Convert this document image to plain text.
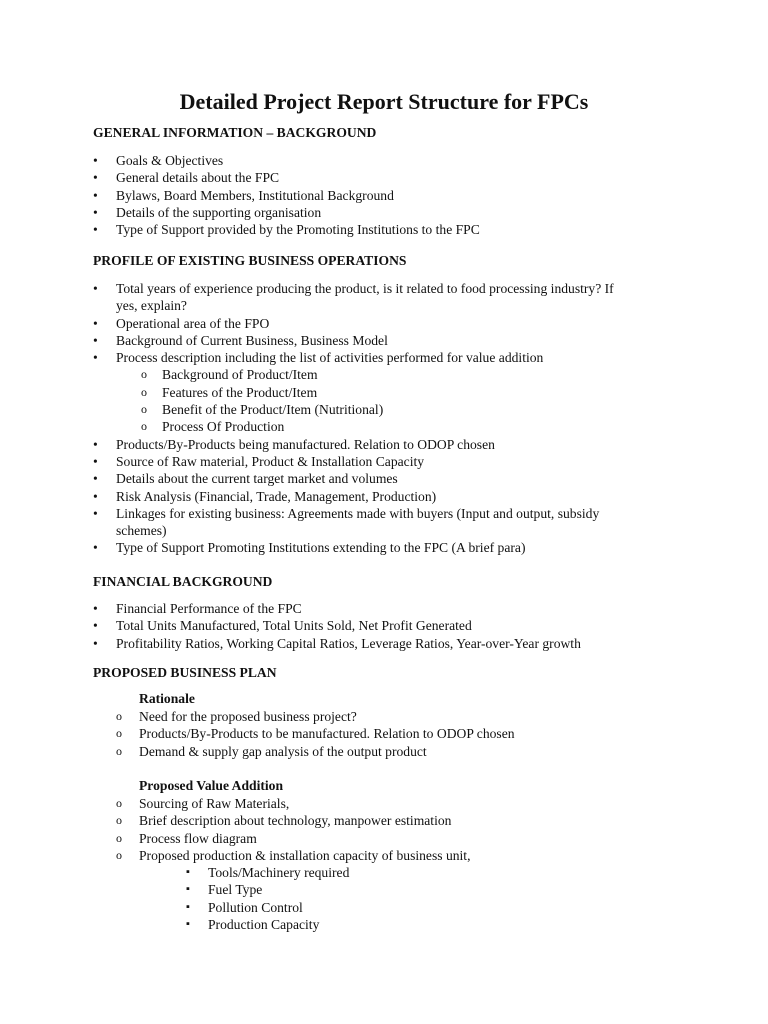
Detailed Project Report Structure for FPCs
GENERAL INFORMATION – BACKGROUND
• Goals & Objectives
• General details about the FPC
• Bylaws, Board Members, Institutional Background
• Details of the supporting organisation
• Type of Support provided by the Promoting Institutions to the FPC
PROFILE OF EXISTING BUSINESS OPERATIONS
• Total years of experience producing the product, is it related to food processing industry? If yes, explain?
• Operational area of the FPO
• Background of Current Business, Business Model
• Process description including the list of activities performed for value addition
o Background of Product/Item
o Features of the Product/Item
o Benefit of the Product/Item (Nutritional)
o Process Of Production
• Products/By-Products being manufactured. Relation to ODOP chosen
• Source of Raw material, Product & Installation Capacity
• Details about the current target market and volumes
• Risk Analysis (Financial, Trade, Management, Production)
• Linkages for existing business: Agreements made with buyers (Input and output, subsidy schemes)
• Type of Support Promoting Institutions extending to the FPC (A brief para)
FINANCIAL BACKGROUND
• Financial Performance of the FPC
• Total Units Manufactured, Total Units Sold, Net Profit Generated
• Profitability Ratios, Working Capital Ratios, Leverage Ratios, Year-over-Year growth
PROPOSED BUSINESS PLAN
Rationale
o Need for the proposed business project?
o Products/By-Products to be manufactured. Relation to ODOP chosen
o Demand & supply gap analysis of the output product
Proposed Value Addition
o Sourcing of Raw Materials,
o Brief description about technology, manpower estimation
o Process flow diagram
o Proposed production & installation capacity of business unit,
▪ Tools/Machinery required
▪ Fuel Type
▪ Pollution Control
▪ Production Capacity
